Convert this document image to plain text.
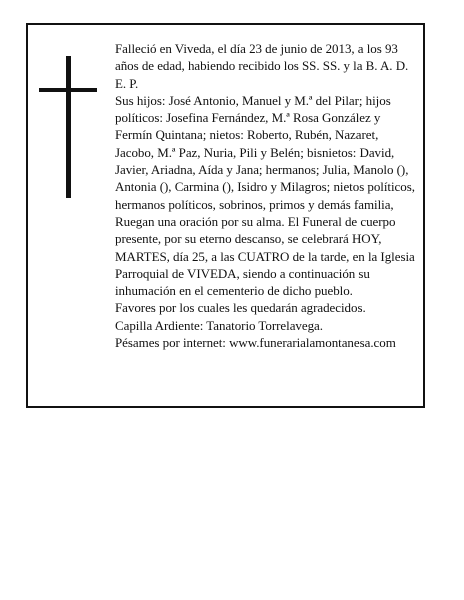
Falleció en Viveda, el día 23 de junio de 2013, a los 93 años de edad, habiendo recibido los SS. SS. y la B. A. D. E. P.

Sus hijos: José Antonio, Manuel y M.ª del Pilar; hijos políticos: Josefina Fernández, M.ª Rosa González y Fermín Quintana; nietos: Roberto, Rubén, Nazaret, Jacobo, M.ª Paz, Nuria, Pili y Belén; bisnietos: David, Javier, Ariadna, Aída y Jana; hermanos; Julia, Manolo (), Antonia (), Carmina (), Isidro y Milagros; nietos políticos, hermanos políticos, sobrinos, primos y demás familia,

Ruegan una oración por su alma. El Funeral de cuerpo presente, por su eterno descanso, se celebrará HOY, MARTES, día 25, a las CUATRO de la tarde, en la Iglesia Parroquial de VIVEDA, siendo a continuación su inhumación en el cementerio de dicho pueblo.

Favores por los cuales les quedarán agradecidos.

Capilla Ardiente: Tanatorio Torrelavega.

Pésames por internet: www.funerarialamontanesa.com
